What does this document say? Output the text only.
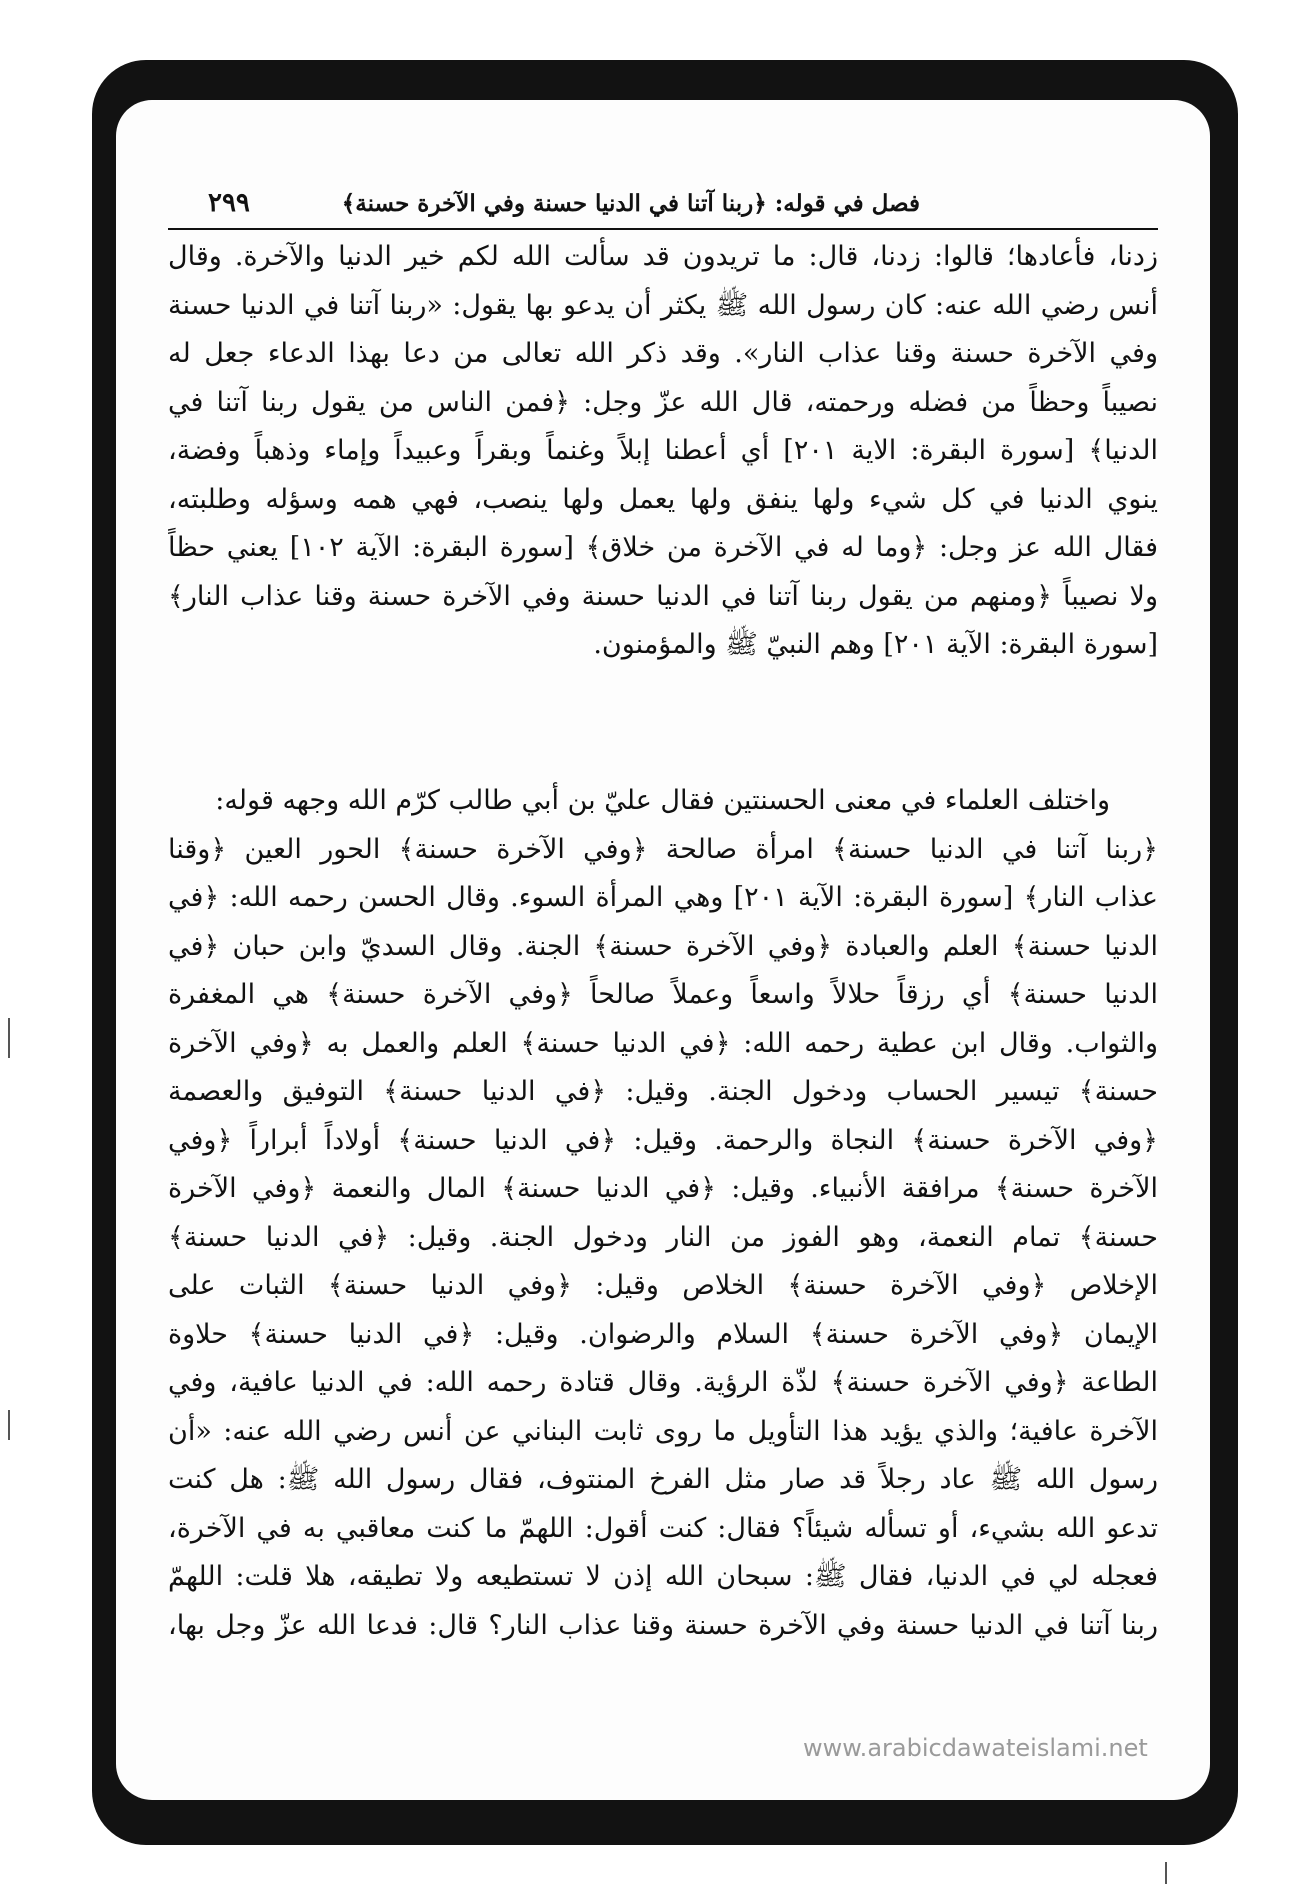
فصل في قوله: ﴿ربنا آتنا في الدنيا حسنة وفي الآخرة حسنة﴾
٢٩٩
زدنا، فأعادها؛ قالوا: زدنا، قال: ما تريدون قد سألت الله لكم خير الدنيا والآخرة. وقال
أنس رضي الله عنه: كان رسول الله ﷺ يكثر أن يدعو بها يقول: «ربنا آتنا في الدنيا حسنة
وفي الآخرة حسنة وقنا عذاب النار». وقد ذكر الله تعالى من دعا بهذا الدعاء جعل له
نصيباً وحظاً من فضله ورحمته، قال الله عزّ وجل: ﴿فمن الناس من يقول ربنا آتنا في
الدنيا﴾ [سورة البقرة: الاية ٢٠١] أي أعطنا إبلاً وغنماً وبقراً وعبيداً وإماء وذهباً وفضة،
ينوي الدنيا في كل شيء ولها ينفق ولها يعمل ولها ينصب، فهي همه وسؤله وطلبته،
فقال الله عز وجل: ﴿وما له في الآخرة من خلاق﴾ [سورة البقرة: الآية ١٠٢] يعني حظاً
ولا نصيباً ﴿ومنهم من يقول ربنا آتنا في الدنيا حسنة وفي الآخرة حسنة وقنا عذاب النار﴾
[سورة البقرة: الآية ٢٠١] وهم النبيّ ﷺ والمؤمنون.
واختلف العلماء في معنى الحسنتين فقال عليّ بن أبي طالب كرّم الله وجهه قوله:
﴿ربنا آتنا في الدنيا حسنة﴾ امرأة صالحة ﴿وفي الآخرة حسنة﴾ الحور العين ﴿وقنا
عذاب النار﴾ [سورة البقرة: الآية ٢٠١] وهي المرأة السوء. وقال الحسن رحمه الله: ﴿في
الدنيا حسنة﴾ العلم والعبادة ﴿وفي الآخرة حسنة﴾ الجنة. وقال السديّ وابن حبان ﴿في
الدنيا حسنة﴾ أي رزقاً حلالاً واسعاً وعملاً صالحاً ﴿وفي الآخرة حسنة﴾ هي المغفرة
والثواب. وقال ابن عطية رحمه الله: ﴿في الدنيا حسنة﴾ العلم والعمل به ﴿وفي الآخرة
حسنة﴾ تيسير الحساب ودخول الجنة. وقيل: ﴿في الدنيا حسنة﴾ التوفيق والعصمة
﴿وفي الآخرة حسنة﴾ النجاة والرحمة. وقيل: ﴿في الدنيا حسنة﴾ أولاداً أبراراً ﴿وفي
الآخرة حسنة﴾ مرافقة الأنبياء. وقيل: ﴿في الدنيا حسنة﴾ المال والنعمة ﴿وفي الآخرة
حسنة﴾ تمام النعمة، وهو الفوز من النار ودخول الجنة. وقيل: ﴿في الدنيا حسنة﴾
الإخلاص ﴿وفي الآخرة حسنة﴾ الخلاص وقيل: ﴿وفي الدنيا حسنة﴾ الثبات على
الإيمان ﴿وفي الآخرة حسنة﴾ السلام والرضوان. وقيل: ﴿في الدنيا حسنة﴾ حلاوة
الطاعة ﴿وفي الآخرة حسنة﴾ لذّة الرؤية. وقال قتادة رحمه الله: في الدنيا عافية، وفي
الآخرة عافية؛ والذي يؤيد هذا التأويل ما روى ثابت البناني عن أنس رضي الله عنه: «أن
رسول الله ﷺ عاد رجلاً قد صار مثل الفرخ المنتوف، فقال رسول الله ﷺ: هل كنت
تدعو الله بشيء، أو تسأله شيئاً؟ فقال: كنت أقول: اللهمّ ما كنت معاقبي به في الآخرة،
فعجله لي في الدنيا، فقال ﷺ: سبحان الله إذن لا تستطيعه ولا تطيقه، هلا قلت: اللهمّ
ربنا آتنا في الدنيا حسنة وفي الآخرة حسنة وقنا عذاب النار؟ قال: فدعا الله عزّ وجل بها،
www.arabicdawateislami.net
